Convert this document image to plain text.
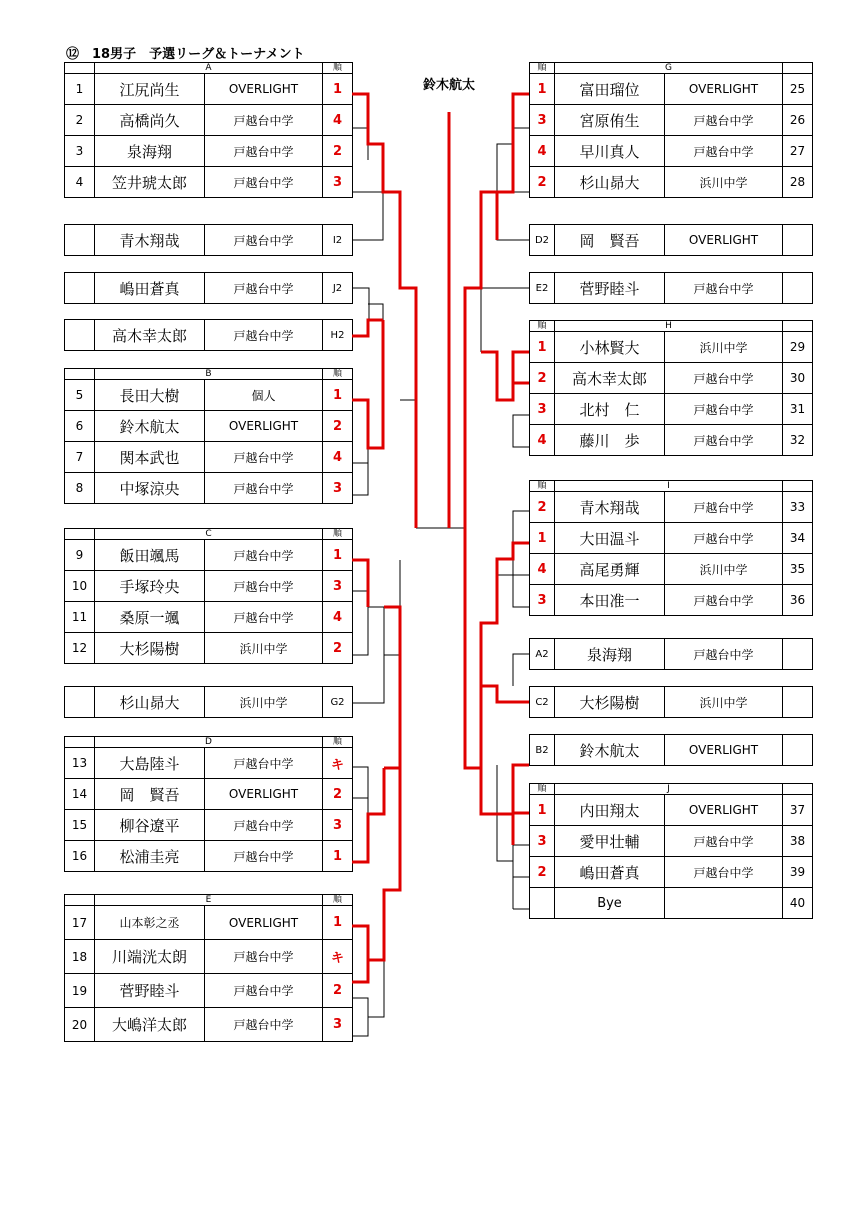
⑫　18男子　予選リーグ＆トーナメント
鈴木航太
	A		順
1	江尻尚生	OVERLIGHT	1
2	高橋尚久	戸越台中学	4
3	泉海翔	戸越台中学	2
4	笠井琥太郎	戸越台中学	3
	青木翔哉	戸越台中学	I2
	嶋田蒼真	戸越台中学	J2
	高木幸太郎	戸越台中学	H2
	B		順
5	長田大樹	個人	1
6	鈴木航太	OVERLIGHT	2
7	関本武也	戸越台中学	4
8	中塚涼央	戸越台中学	3
	C		順
9	飯田颯馬	戸越台中学	1
10	手塚玲央	戸越台中学	3
11	桑原一颯	戸越台中学	4
12	大杉陽樹	浜川中学	2
	杉山昴大	浜川中学	G2
	D		順
13	大島陸斗	戸越台中学	キ
14	岡　賢吾	OVERLIGHT	2
15	柳谷遼平	戸越台中学	3
16	松浦圭亮	戸越台中学	1
	E		順
17	山本彰之丞	OVERLIGHT	1
18	川端洸太朗	戸越台中学	キ
19	菅野睦斗	戸越台中学	2
20	大嶋洋太郎	戸越台中学	3
順	G		
1	富田瑠位	OVERLIGHT	25
3	宮原侑生	戸越台中学	26
4	早川真人	戸越台中学	27
2	杉山昴大	浜川中学	28
D2	岡　賢吾	OVERLIGHT	
E2	菅野睦斗	戸越台中学	
順	H		
1	小林賢大	浜川中学	29
2	高木幸太郎	戸越台中学	30
3	北村　仁	戸越台中学	31
4	藤川　歩	戸越台中学	32
順	I		
2	青木翔哉	戸越台中学	33
1	大田温斗	戸越台中学	34
4	高尾勇輝	浜川中学	35
3	本田准一	戸越台中学	36
A2	泉海翔	戸越台中学	
C2	大杉陽樹	浜川中学	
B2	鈴木航太	OVERLIGHT	
順	J		
1	内田翔太	OVERLIGHT	37
3	愛甲壮輔	戸越台中学	38
2	嶋田蒼真	戸越台中学	39
	Bye		40
